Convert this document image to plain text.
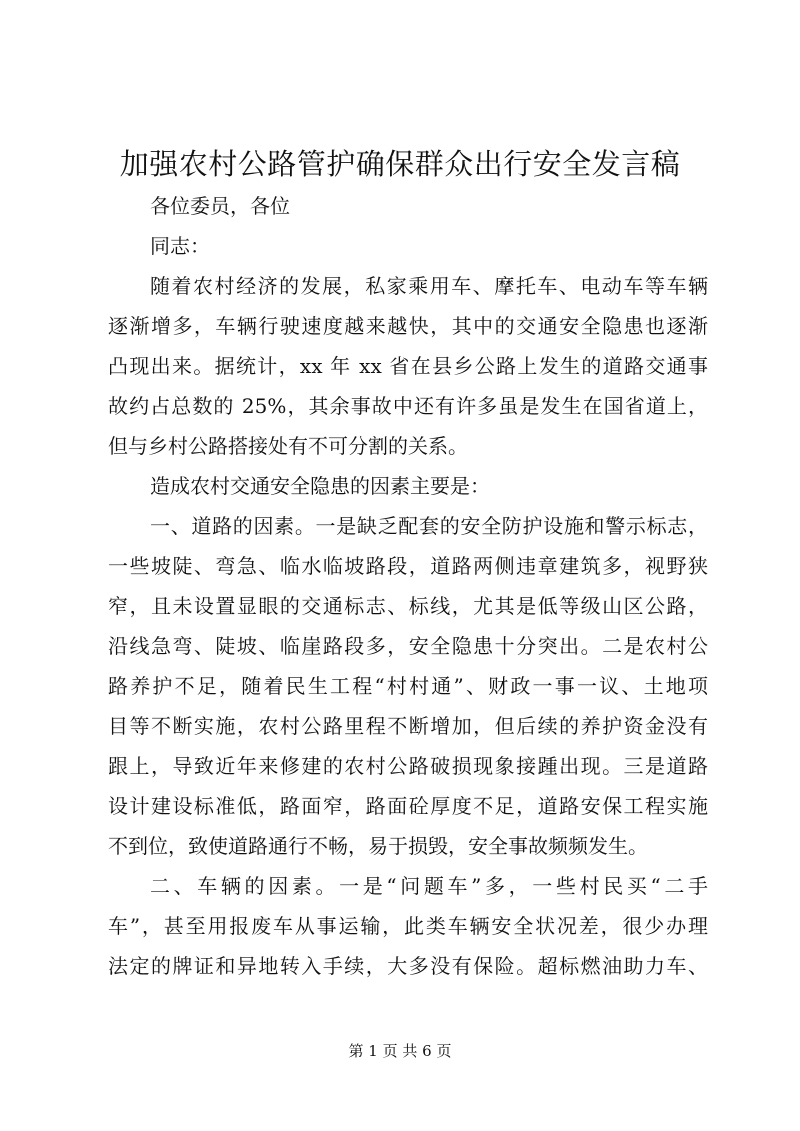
加强农村公路管护确保群众出行安全发言稿
各位委员，各位
同志：
随着农村经济的发展，私家乘用车、摩托车、电动车等车辆
逐渐增多，车辆行驶速度越来越快，其中的交通安全隐患也逐渐
凸现出来。据统计，xx 年 xx 省在县乡公路上发生的道路交通事
故约占总数的 25%，其余事故中还有许多虽是发生在国省道上，
但与乡村公路搭接处有不可分割的关系。
造成农村交通安全隐患的因素主要是：
一、道路的因素。一是缺乏配套的安全防护设施和警示标志，
一些坡陡、弯急、临水临坡路段，道路两侧违章建筑多，视野狭
窄，且未设置显眼的交通标志、标线，尤其是低等级山区公路，
沿线急弯、陡坡、临崖路段多，安全隐患十分突出。二是农村公
路养护不足，随着民生工程“村村通”、财政一事一议、土地项
目等不断实施，农村公路里程不断增加，但后续的养护资金没有
跟上，导致近年来修建的农村公路破损现象接踵出现。三是道路
设计建设标准低，路面窄，路面砼厚度不足，道路安保工程实施
不到位，致使道路通行不畅，易于损毁，安全事故频频发生。
二、车辆的因素。一是“问题车”多，一些村民买“二手
车”，甚至用报废车从事运输，此类车辆安全状况差，很少办理
法定的牌证和异地转入手续，大多没有保险。超标燃油助力车、
第 1 页 共 6 页
